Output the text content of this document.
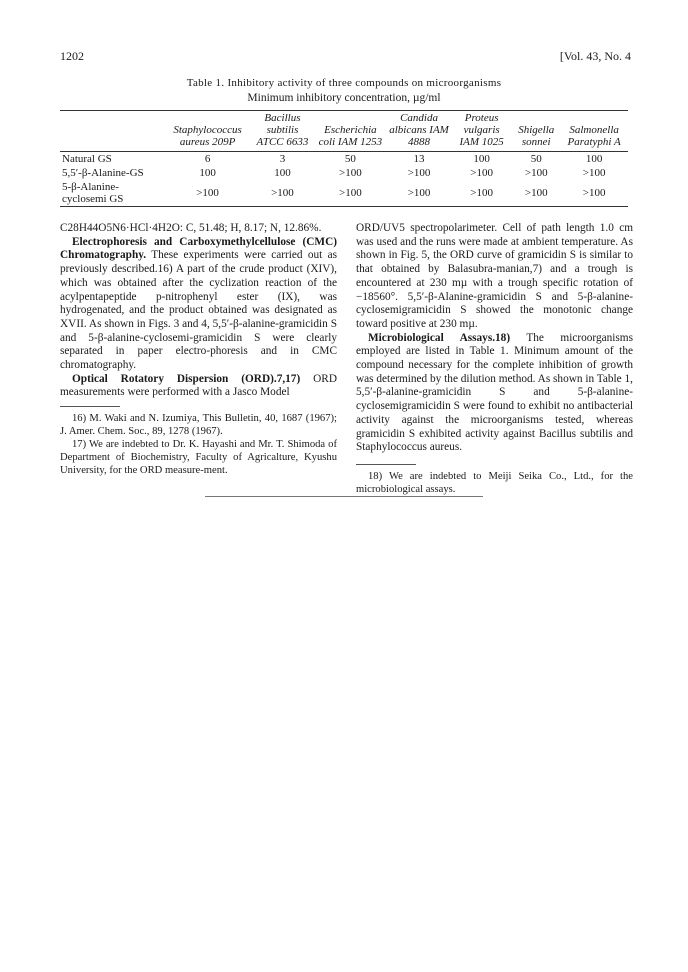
1202	[Vol. 43, No. 4
Table 1. Inhibitory activity of three compounds on microorganisms
Minimum inhibitory concentration, µg/ml
	Staphylococcus aureus 209P	Bacillus subtilis ATCC 6633	Escherichia coli IAM 1253	Candida albicans IAM 4888	Proteus vulgaris IAM 1025	Shigella sonnei	Salmonella Paratyphi A
Natural GS	6	3	50	13	100	50	100
5,5′-β-Alanine-GS	100	100	>100	>100	>100	>100	>100
5-β-Alanine-cyclosemi GS	>100	>100	>100	>100	>100	>100	>100

C28H44O5N6·HCl·4H2O: C, 51.48; H, 8.17; N, 12.86%.

Electrophoresis and Carboxymethylcellulose (CMC) Chromatography. These experiments were carried out as previously described.16) A part of the crude product (XIV), which was obtained after the cyclization reaction of the acylpentapeptide p-nitrophenyl ester (IX), was hydrogenated, and the product obtained was designated as XVII. As shown in Figs. 3 and 4, 5,5′-β-alanine-gramicidin S and 5-β-alanine-cyclosemi-gramicidin S were clearly separated in paper electro-phoresis and in CMC chromatography.

Optical Rotatory Dispersion (ORD).7,17) ORD measurements were performed with a Jasco Model

16) M. Waki and N. Izumiya, This Bulletin, 40, 1687 (1967); J. Amer. Chem. Soc., 89, 1278 (1967).

17) We are indebted to Dr. K. Hayashi and Mr. T. Shimoda of Department of Biochemistry, Faculty of Agricalture, Kyushu University, for the ORD measure-ment.

ORD/UV5 spectropolarimeter. Cell of path length 1.0 cm was used and the runs were made at ambient temperature. As shown in Fig. 5, the ORD curve of gramicidin S is similar to that obtained by Balasubra-manian,7) and a trough is encountered at 230 mµ with a trough specific rotation of −18560°. 5,5′-β-Alanine-gramicidin S and 5-β-alanine-cyclosemigramicidin S showed the monotonic change toward positive at 230 mµ.

Microbiological Assays.18) The microorganisms employed are listed in Table 1. Minimum amount of the compound necessary for the complete inhibition of growth was determined by the dilution method. As shown in Table 1, 5,5′-β-alanine-gramicidin S and 5-β-alanine-cyclosemigramicidin S were found to exhibit no antibacterial activity against the microorganisms tested, whereas gramicidin S exhibited activity against Bacillus subtilis and Staphylococcus aureus.

18) We are indebted to Meiji Seika Co., Ltd., for the microbiological assays.
